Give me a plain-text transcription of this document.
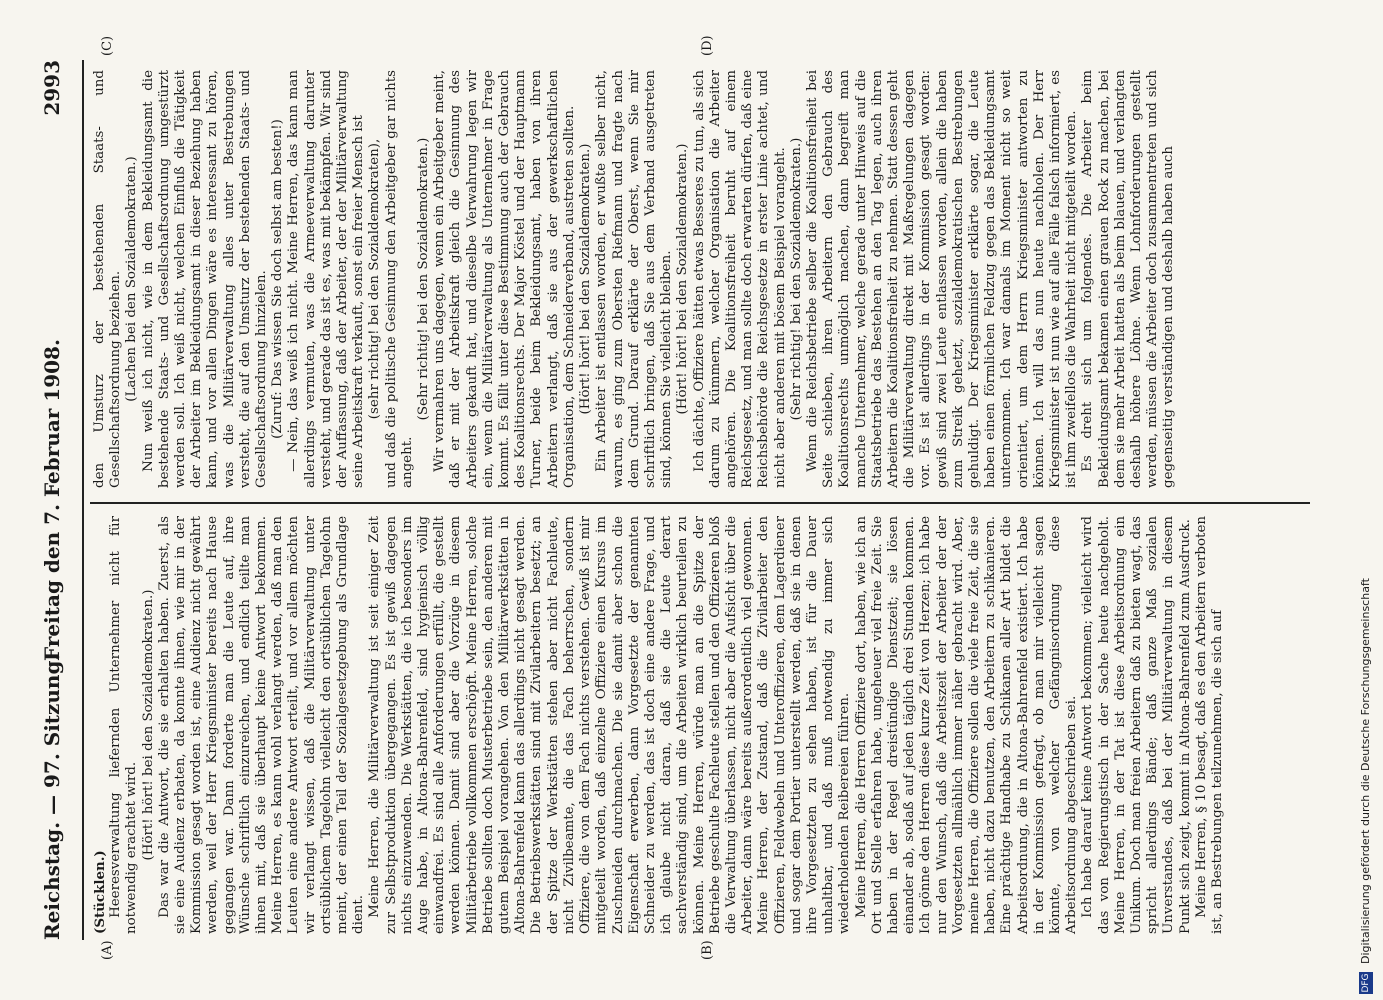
Reichstag. — 97. Sitzung.
Freitag den 7. Februar 1908.
2993
(A)	(B)
(C)	(D)

(Stücklen.) Heeresverwaltung liefernden Unternehmer nicht für notwendig erachtet wird. (Hört! hört! bei den Sozialdemokraten.) Das war die Antwort, die sie erhalten haben. Zuerst, als sie eine Audienz erbaten, da konnte ihnen, wie mir in der Kommission gesagt worden ist, eine Audienz nicht gewährt werden, weil der Herr Kriegsminister bereits nach Hause gegangen war. Dann forderte man die Leute auf, ihre Wünsche schriftlich einzureichen, und endlich teilte man ihnen mit, daß sie überhaupt keine Antwort bekommen. Meine Herren, es kann wohl verlangt werden, daß man den Leuten eine andere Antwort erteilt, und vor allem möchten wir verlangt wissen, daß die Militärverwaltung unter ortsüblichem Tagelohn vielleicht den ortsüblichen Tagelohn meint, der einen Teil der Sozialgesetzgebung als Grundlage dient. Meine Herren, die Militärverwaltung ist seit einiger Zeit zur Selbstproduktion übergegangen. Es ist gewiß dagegen nichts einzuwenden. Die Werkstätten, die ich besonders im Auge habe, in Altona-Bahrenfeld, sind hygienisch völlig einwandfrei. Es sind alle Anforderungen erfüllt, die gestellt werden können. Damit sind aber die Vorzüge in diesem Militärbetriebe vollkommen erschöpft. Meine Herren, solche Betriebe sollten doch Musterbetriebe sein, den anderen mit gutem Beispiel vorangehen. Von den Militärwerkstätten in Altona-Bahrenfeld kann das allerdings nicht gesagt werden. Die Betriebswerkstätten sind mit Zivilarbeitern besetzt; an der Spitze der Werkstätten stehen aber nicht Fachleute, nicht Zivilbeamte, die das Fach beherrschen, sondern Offiziere, die von dem Fach nichts verstehen. Gewiß ist mir mitgeteilt worden, daß einzelne Offiziere einen Kursus im Zuschneiden durchmachen. Die sie damit aber schon die Eigenschaft erwerben, dann Vorgesetzte der genannten Schneider zu werden, das ist doch eine andere Frage, und ich glaube nicht daran, daß sie die Leute derart sachverständig sind, um die Arbeiten wirklich beurteilen zu können. Meine Herren, würde man an die Spitze der Betriebe geschulte Fachleute stellen und den Offizieren bloß die Verwaltung überlassen, nicht aber die Aufsicht über die Arbeiter, dann wäre bereits außerordentlich viel gewonnen. Meine Herren, der Zustand, daß die Zivilarbeiter den Offizieren, Feldwebeln und Unteroffizieren, dem Lagerdiener und sogar dem Portier unterstellt werden, daß sie in denen ihre Vorgesetzten zu sehen haben, ist für die Dauer unhaltbar, und daß muß notwendig zu immer sich wiederholenden Reibereien führen. Meine Herren, die Herren Offiziere dort, haben, wie ich an Ort und Stelle erfahren habe, ungeheuer viel freie Zeit. Sie haben in der Regel dreistündige Dienstzeit; sie lösen einander ab, sodaß auf jeden täglich drei Stunden kommen. Ich gönne den Herren diese kurze Zeit von Herzen; ich habe nur den Wunsch, daß die Arbeitszeit der Arbeiter der der Vorgesetzten allmählich immer näher gebracht wird. Aber, meine Herren, die Offiziere sollen die viele freie Zeit, die sie haben, nicht dazu benutzen, den Arbeitern zu schikanieren. Eine prächtige Handhabe zu Schikanen aller Art bildet die Arbeitsordnung, die in Altona-Bahrenfeld existiert. Ich habe in der Kommission gefragt, ob man mir vielleicht sagen könnte, von welcher Gefängnisordnung diese Arbeitsordnung abgeschrieben sei. Ich habe darauf keine Antwort bekommen; vielleicht wird das von Regierungstisch in der Sache heute nachgeholt. Meine Herren, in der Tat ist diese Arbeitsordnung ein Unikum. Doch man freien Arbeitern daß zu bieten wagt, das spricht allerdings Bände; daß ganze Maß sozialen Unverstandes, daß bei der Militärverwaltung in diesem Punkt sich zeigt, kommt in Altona-Bahrenfeld zum Ausdruck. Meine Herren, § 10 besagt, daß es den Arbeitern verboten ist, an Bestrebungen teilzunehmen, die sich auf

den Umsturz der bestehenden Staats- und Gesellschaftsordnung beziehen. (Lachen bei den Sozialdemokraten.) Nun weiß ich nicht, wie in dem Bekleidungsamt die bestehende Staats- und Gesellschaftsordnung umgestürzt werden soll. Ich weiß nicht, welchen Einfluß die Tätigkeit der Arbeiter im Bekleidungsamt in dieser Beziehung haben kann, und vor allen Dingen wäre es interessant zu hören, was die Militärverwaltung alles unter Bestrebungen versteht, die auf den Umsturz der bestehenden Staats- und Gesellschaftsordnung hinzielen. (Zuruf: Das wissen Sie doch selbst am besten!) — Nein, das weiß ich nicht. Meine Herren, das kann man allerdings vermuten, was die Armeeverwaltung darunter versteht, und gerade das ist es, was mit bekämpfen. Wir sind der Auffassung, daß der Arbeiter, der der Militärverwaltung seine Arbeitskraft verkauft, sonst ein freier Mensch ist (sehr richtig! bei den Sozialdemokraten), und daß die politische Gesinnung den Arbeitgeber gar nichts angeht.

(Sehr richtig! bei den Sozialdemokraten.) Wir vermahren uns dagegen, wenn ein Arbeitgeber meint, daß er mit der Arbeitskraft gleich die Gesinnung des Arbeiters gekauft hat, und dieselbe Verwahrung legen wir ein, wenn die Militärverwaltung als Unternehmer in Frage kommt. Es fällt unter diese Bestimmung auch der Gebrauch des Koalitionsrechts. Der Major Köstel und der Hauptmann Turner, beide beim Bekleidungsamt, haben von ihren Arbeitern verlangt, daß sie aus der gewerkschaftlichen Organisation, dem Schneiderverband, austreten sollten. (Hört! hört! bei den Sozialdemokraten.) Ein Arbeiter ist entlassen worden, er wußte selber nicht, warum, es ging zum Obersten Riefmann und fragte nach dem Grund. Darauf erklärte der Oberst, wenn Sie mir schriftlich bringen, daß Sie aus dem Verband ausgetreten sind, können Sie vielleicht bleiben. (Hört! hört! bei den Sozialdemokraten.) Ich dächte, Offiziere hätten etwas Besseres zu tun, als sich darum zu kümmern, welcher Organisation die Arbeiter angehören. Die Koalitionsfreiheit beruht auf einem Reichsgesetz, und man sollte doch erwarten dürfen, daß eine Reichsbehörde die Reichsgesetze in erster Linie achtet, und nicht aber anderen mit bösem Beispiel vorangeht. (Sehr richtig! bei den Sozialdemokraten.) Wenn die Reichsbetriebe selber die Koalitionsfreiheit bei Seite schieben, ihren Arbeitern den Gebrauch des Koalitionsrechts unmöglich machen, dann begreift man manche Unternehmer, welche gerade unter Hinweis auf die Staatsbetriebe das Bestehen an den Tag legen, auch ihren Arbeitern die Koalitionsfreiheit zu nehmen. Statt dessen geht die Militärverwaltung direkt mit Maßregelungen dagegen vor. Es ist allerdings in der Kommission gesagt worden: gewiß sind zwei Leute entlassen worden, allein die haben zum Streik gehetzt, sozialdemokratischen Bestrebungen gehuldigt. Der Kriegsminister erklärte sogar, die Leute haben einen förmlichen Feldzug gegen das Bekleidungsamt unternommen. Ich war damals im Moment nicht so weit orientiert, um dem Herrn Kriegsminister antworten zu können. Ich will das nun heute nachholen. Der Herr Kriegsminister ist nun wie auf alle Fälle falsch informiert, es ist ihm zweifellos die Wahrheit nicht mitgeteilt worden. Es dreht sich um folgendes. Die Arbeiter beim Bekleidungsamt bekamen einen grauen Rock zu machen, bei dem sie mehr Arbeit hatten als beim blauen, und verlangten deshalb höhere Löhne. Wenn Lohnforderungen gestellt werden, müssen die Arbeiter doch zusammentreten und sich gegenseitig verständigen und deshalb haben auch

DFG
Digitalisierung gefördert durch die Deutsche Forschungsgemeinschaft
